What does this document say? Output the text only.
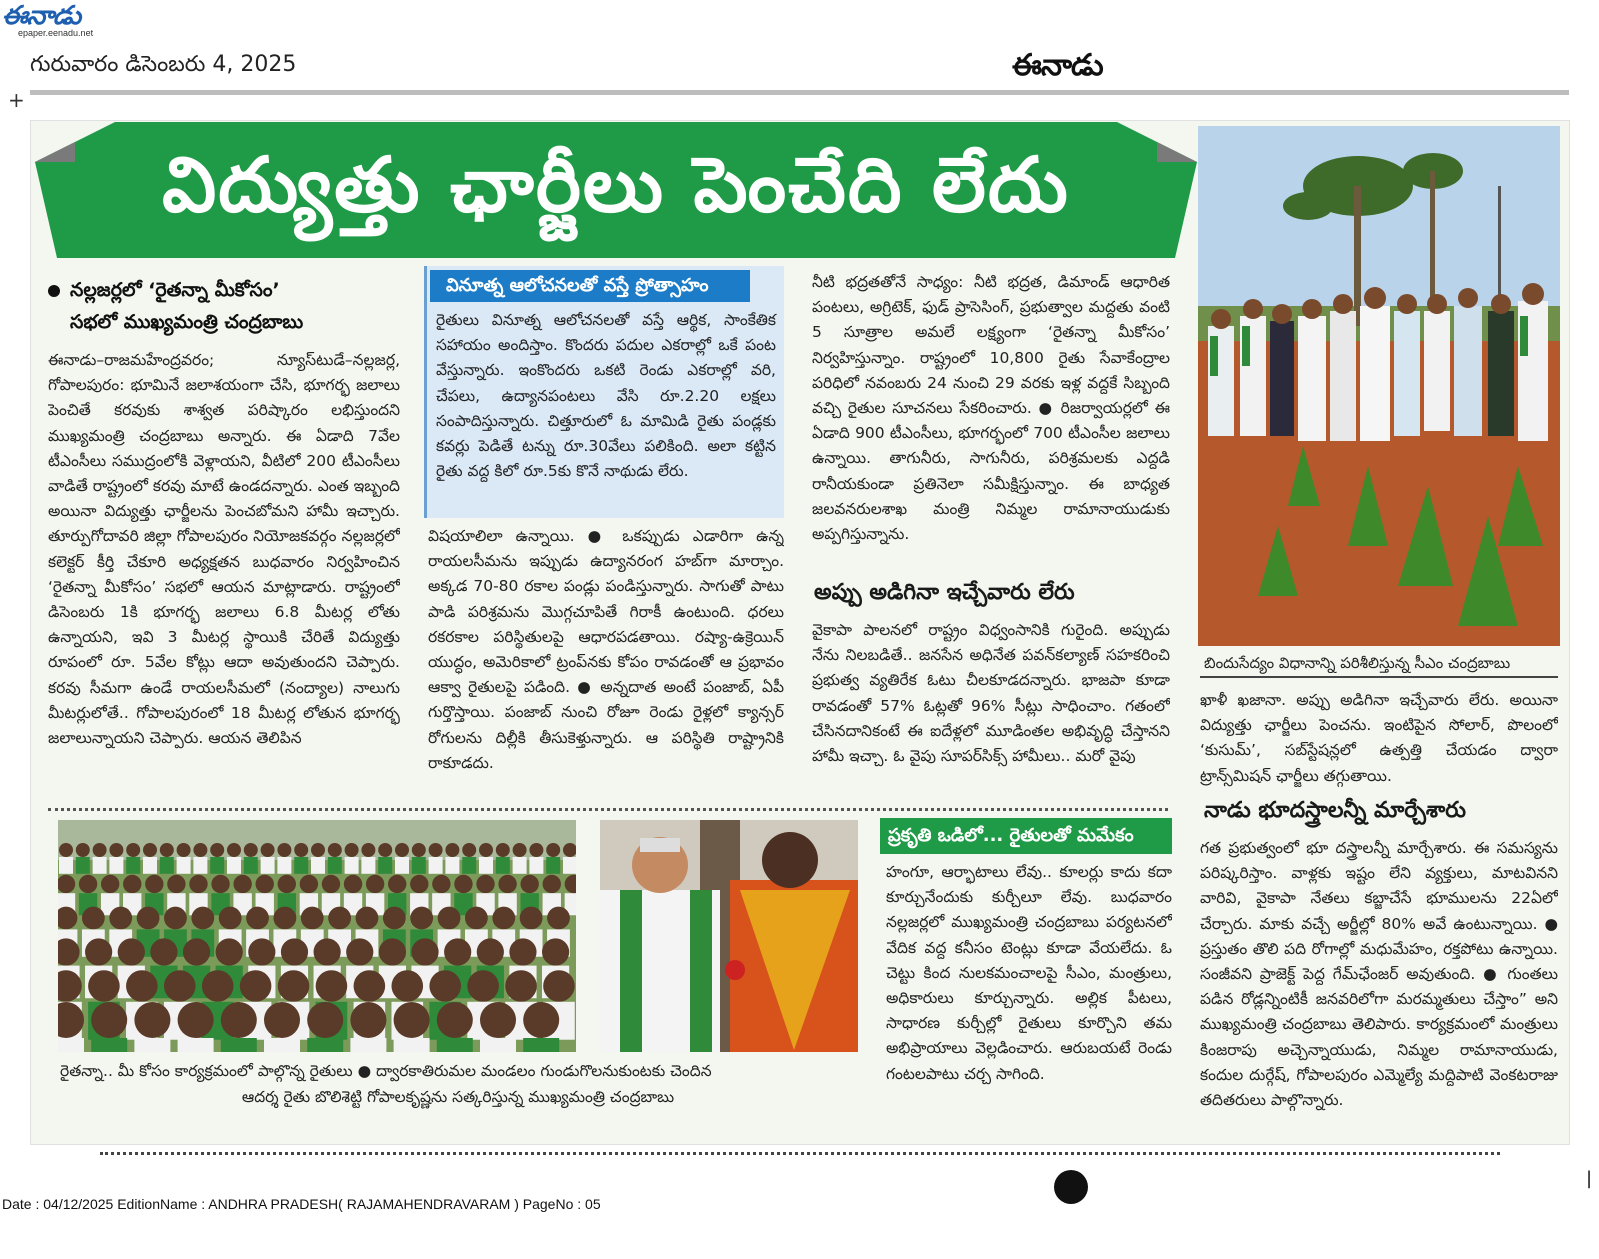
ఈనాడు
epaper.eenadu.net
గురువారం డిసెంబరు 4, 2025	ఈనాడు
+
విద్యుత్తు ఛార్జీలు పెంచేది లేదు
బిందుసేద్యం విధానాన్ని పరిశీలిస్తున్న సీఎం చంద్రబాబు
నల్లజర్లలో ‘రైతన్నా మీకోసం’
సభలో ముఖ్యమంత్రి చంద్రబాబు

ఈనాడు–రాజమహేంద్రవరం; న్యూస్‌టుడే–నల్లజర్ల, గోపాలపురం: భూమినే జలాశయంగా చేసి, భూగర్భ జలాలు పెంచితే కరవుకు శాశ్వత పరిష్కారం లభిస్తుందని ముఖ్యమంత్రి చంద్రబాబు అన్నారు. ఈ ఏడాది 7వేల టీఎంసీలు సముద్రంలోకి వెళ్లాయని, వీటిలో 200 టీఎంసీలు వాడితే రాష్ట్రంలో కరవు మాటే ఉండదన్నారు. ఎంత ఇబ్బంది అయినా విద్యుత్తు ఛార్జీలను పెంచబోమని హామీ ఇచ్చారు. తూర్పుగోదావరి జిల్లా గోపాలపురం నియోజకవర్గం నల్లజర్లలో కలెక్టర్ కీర్తి చేకూరి అధ్యక్షతన బుధవారం నిర్వహించిన ‘రైతన్నా మీకోసం’ సభలో ఆయన మాట్లాడారు. రాష్ట్రంలో డిసెంబరు 1కి భూగర్భ జలాలు 6.8 మీటర్ల లోతు ఉన్నాయని, ఇవి 3 మీటర్ల స్థాయికి చేరితే విద్యుత్తు రూపంలో రూ. 5వేల కోట్లు ఆదా అవుతుందని చెప్పారు. కరవు సీమగా ఉండే రాయలసీమలో (నంద్యాల) నాలుగు మీటర్లులోతే.. గోపాలపురంలో 18 మీటర్ల లోతున భూగర్భ జలాలున్నాయని చెప్పారు. ఆయన తెలిపిన

వినూత్న ఆలోచనలతో వస్తే ప్రోత్సాహం
రైతులు వినూత్న ఆలోచనలతో వస్తే ఆర్థిక, సాంకేతిక సహాయం అందిస్తాం. కొందరు పదుల ఎకరాల్లో ఒకే పంట వేస్తున్నారు. ఇంకొందరు ఒకటి రెండు ఎకరాల్లో వరి, చేపలు, ఉద్యానపంటలు వేసి రూ.2.20 లక్షలు సంపాదిస్తున్నారు. చిత్తూరులో ఓ మామిడి రైతు పండ్లకు కవర్లు పెడితే టన్ను రూ.30వేలు పలికింది. అలా కట్టిన రైతు వద్ద కిలో రూ.5కు కొనే నాథుడు లేరు.

విషయాలిలా ఉన్నాయి. ● ఒకప్పుడు ఎడారిగా ఉన్న రాయలసీమను ఇప్పుడు ఉద్యానరంగ హబ్‌గా మార్చాం. అక్కడ 70-80 రకాల పండ్లు పండిస్తున్నారు. సాగుతో పాటు పాడి పరిశ్రమను మొగ్గచూపితే గిరాకీ ఉంటుంది. ధరలు రకరకాల పరిస్థితులపై ఆధారపడతాయి. రష్యా-ఉక్రెయిన్ యుద్ధం, అమెరికాలో ట్రంప్‌నకు కోపం రావడంతో ఆ ప్రభావం ఆక్వా రైతులపై పడింది. ● అన్నదాత అంటే పంజాబ్, ఏపీ గుర్తొస్తాయి. పంజాబ్ నుంచి రోజూ రెండు రైళ్లలో క్యాన్సర్ రోగులను దిల్లీకి తీసుకెళ్తున్నారు. ఆ పరిస్థితి రాష్ట్రానికి రాకూడదు.

నీటి భద్రతతోనే సాధ్యం: నీటి భద్రత, డిమాండ్ ఆధారిత పంటలు, అగ్రిటెక్, ఫుడ్ ప్రాసెసింగ్, ప్రభుత్వాల మద్దతు వంటి 5 సూత్రాల అమలే లక్ష్యంగా ‘రైతన్నా మీకోసం’ నిర్వహిస్తున్నాం. రాష్ట్రంలో 10,800 రైతు సేవాకేంద్రాల పరిధిలో నవంబరు 24 నుంచి 29 వరకు ఇళ్ల వద్దకే సిబ్బంది వచ్చి రైతుల సూచనలు సేకరించారు. ● రిజర్వాయర్లలో ఈ ఏడాది 900 టీఎంసీలు, భూగర్భంలో 700 టీఎంసీల జలాలు ఉన్నాయి. తాగునీరు, సాగునీరు, పరిశ్రమలకు ఎద్దడి రానీయకుండా ప్రతినెలా సమీక్షిస్తున్నాం. ఈ బాధ్యత జలవనరులశాఖ మంత్రి నిమ్మల రామానాయుడుకు అప్పగిస్తున్నాను.

అప్పు అడిగినా ఇచ్చేవారు లేరు

వైకాపా పాలనలో రాష్ట్రం విధ్వంసానికి గురైంది. అప్పుడు నేను నిలబడితే.. జనసేన అధినేత పవన్‌కల్యాణ్ సహకరించి ప్రభుత్వ వ్యతిరేక ఓటు చీలకూడదన్నారు. భాజపా కూడా రావడంతో 57% ఓట్లతో 96% సీట్లు సాధించాం. గతంలో చేసినదానికంటే ఈ ఐదేళ్లలో మూడింతల అభివృద్ధి చేస్తానని హామీ ఇచ్చా. ఓ వైపు సూపర్‌సిక్స్ హామీలు.. మరో వైపు

ఖాళీ ఖజానా. అప్పు అడిగినా ఇచ్చేవారు లేరు. అయినా విద్యుత్తు ఛార్జీలు పెంచను. ఇంటిపైన సోలార్, పొలంలో ‘కుసుమ్’, సబ్‌స్టేషన్లలో ఉత్పత్తి చేయడం ద్వారా ట్రాన్స్‌మిషన్ ఛార్జీలు తగ్గుతాయి.

నాడు భూదస్త్రాలన్నీ మార్చేశారు

గత ప్రభుత్వంలో భూ దస్త్రాలన్నీ మార్చేశారు. ఈ సమస్యను పరిష్కరిస్తాం. వాళ్లకు ఇష్టం లేని వ్యక్తులు, మాటవినని వారివి, వైకాపా నేతలు కబ్జాచేసే భూములను 22ఏలో చేర్చారు. మాకు వచ్చే అర్జీల్లో 80% అవే ఉంటున్నాయి. ● ప్రస్తుతం తొలి పది రోగాల్లో మధుమేహం, రక్తపోటు ఉన్నాయి. సంజీవని ప్రాజెక్ట్ పెద్ద గేమ్‌ఛేంజర్ అవుతుంది. ● గుంతలు పడిన రోడ్లన్నింటికీ జనవరిలోగా మరమ్మతులు చేస్తాం” అని ముఖ్యమంత్రి చంద్రబాబు తెలిపారు. కార్యక్రమంలో మంత్రులు కింజరాపు అచ్చెన్నాయుడు, నిమ్మల రామానాయుడు, కందుల దుర్గేష్, గోపాలపురం ఎమ్మెల్యే మద్దిపాటి వెంకటరాజు తదితరులు పాల్గొన్నారు.

రైతన్నా.. మీ కోసం కార్యక్రమంలో పాల్గొన్న రైతులు ● ద్వారకాతిరుమల మండలం గుండుగొలనుకుంటకు చెందిన
ఆదర్శ రైతు బొలిశెట్టి గోపాలకృష్ణను సత్కరిస్తున్న ముఖ్యమంత్రి చంద్రబాబు
ప్రకృతి ఒడిలో... రైతులతో మమేకం

హంగూ, ఆర్భాటాలు లేవు.. కూలర్లు కాదు కదా కూర్చునేందుకు కుర్చీలూ లేవు. బుధవారం నల్లజర్లలో ముఖ్యమంత్రి చంద్రబాబు పర్యటనలో వేదిక వద్ద కనీసం టెంట్లు కూడా వేయలేదు. ఓ చెట్టు కింద నులకమంచాలపై సీఎం, మంత్రులు, అధికారులు కూర్చున్నారు. అల్లిక పీటలు, సాధారణ కుర్చీల్లో రైతులు కూర్చొని తమ అభిప్రాయాలు వెల్లడించారు. ఆరుబయటే రెండు గంటలపాటు చర్చ సాగింది.

|
Date : 04/12/2025 EditionName : ANDHRA PRADESH( RAJAMAHENDRAVARAM ) PageNo : 05
